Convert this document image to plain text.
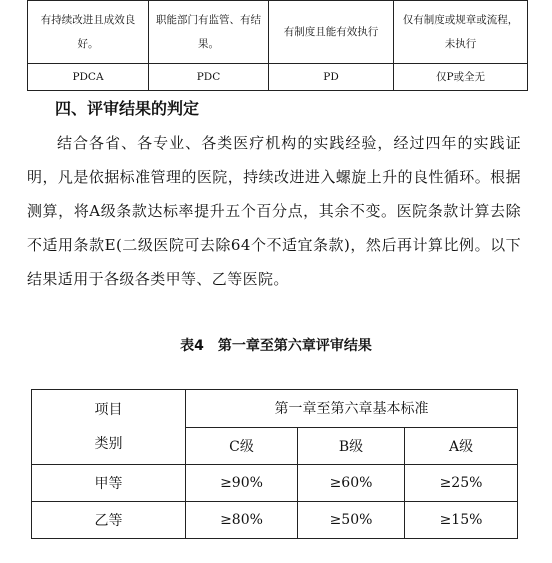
有持续改进且成效良好。	职能部门有监管、有结果。	有制度且能有效执行	仅有制度或规章或流程，未执行
PDCA	PDC	PD	仅P或全无
四、评审结果的判定

结合各省、各专业、各类医疗机构的实践经验，经过四年的实践证明，凡是依据标准管理的医院，持续改进进入螺旋上升的良性循环。根据测算，将A级条款达标率提升五个百分点，其余不变。医院条款计算去除不适用条款E(二级医院可去除64个不适宜条款)，然后再计算比例。以下结果适用于各级各类甲等、乙等医院。

表4　第一章至第六章评审结果
项目
类别	第一章至第六章基本标准		
	C级	B级	A级
甲等	≥90%	≥60%	≥25%
乙等	≥80%	≥50%	≥15%
